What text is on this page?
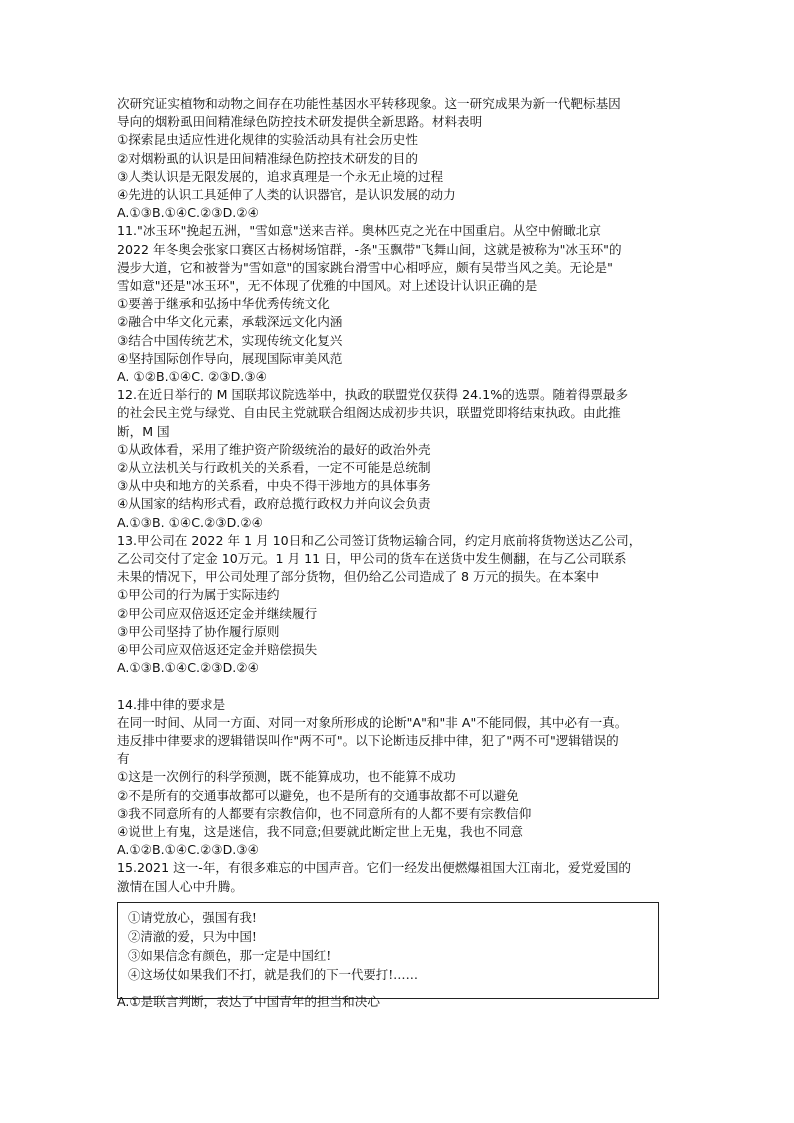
次研究证实植物和动物之间存在功能性基因水平转移现象。这一研究成果为新一代靶标基因
导向的烟粉虱田间精准绿色防控技术研发提供全新思路。材料表明
①探索昆虫适应性进化规律的实验活动具有社会历史性
②对烟粉虱的认识是田间精准绿色防控技术研发的目的
③人类认识是无限发展的，追求真理是一个永无止境的过程
④先进的认识工具延伸了人类的认识器官，是认识发展的动力
A.①③B.①④C.②③D.②④
11."冰玉环"挽起五洲，"雪如意"送来吉祥。奥林匹克之光在中国重启。从空中俯瞰北京
2022 年冬奥会张家口赛区古杨树场馆群，-条"玉飘带"飞舞山间，这就是被称为"冰玉环"的
漫步大道，它和被誉为"雪如意"的国家跳台滑雪中心相呼应，颇有吴带当风之美。无论是"
雪如意"还是"冰玉环"，无不体现了优雅的中国风。对上述设计认识正确的是
①要善于继承和弘扬中华优秀传统文化
②融合中华文化元素，承载深远文化内涵
③结合中国传统艺术，实现传统文化复兴
④坚持国际创作导向，展现国际审美风范
A. ①②B.①④C. ②③D.③④
12.在近日举行的 M 国联邦议院选举中，执政的联盟党仅获得 24.1%的选票。随着得票最多
的社会民主党与绿党、自由民主党就联合组阁达成初步共识，联盟党即将结束执政。由此推
断，M 国
①从政体看，采用了维护资产阶级统治的最好的政治外壳
②从立法机关与行政机关的关系看，一定不可能是总统制
③从中央和地方的关系看，中央不得干涉地方的具体事务
④从国家的结构形式看，政府总揽行政权力并向议会负责
A.①③B. ①④C.②③D.②④
13.甲公司在 2022 年 1 月 10日和乙公司签订货物运输合同，约定月底前将货物送达乙公司，
乙公司交付了定金 10万元。1 月 11 日，甲公司的货车在送货中发生侧翻，在与乙公司联系
未果的情况下，甲公司处理了部分货物，但仍给乙公司造成了 8 万元的损失。在本案中
①甲公司的行为属于实际违约
②甲公司应双倍返还定金并继续履行
③甲公司坚持了协作履行原则
④甲公司应双倍返还定金并赔偿损失
A.①③B.①④C.②③D.②④
14.排中律的要求是
在同一时间、从同一方面、对同一对象所形成的论断"A"和"非 A"不能同假，其中必有一真。
违反排中律要求的逻辑错误叫作"两不可"。以下论断违反排中律，犯了"两不可"逻辑错误的
有
①这是一次例行的科学预测，既不能算成功，也不能算不成功
②不是所有的交通事故都可以避免，也不是所有的交通事故都不可以避免
③我不同意所有的人都要有宗教信仰，也不同意所有的人都不要有宗教信仰
④说世上有鬼，这是迷信，我不同意;但要就此断定世上无鬼，我也不同意
A.①②B.①④C.②③D.③④
15.2021 这一-年，有很多难忘的中国声音。它们一经发出便燃爆祖国大江南北，爱党爱国的
激情在国人心中升腾。
①请党放心，强国有我!
②清澈的爱，只为中国!
③如果信念有颜色，那一定是中国红!
④这场仗如果我们不打，就是我们的下一代要打!……
A.①是联言判断，表达了中国青年的担当和决心
